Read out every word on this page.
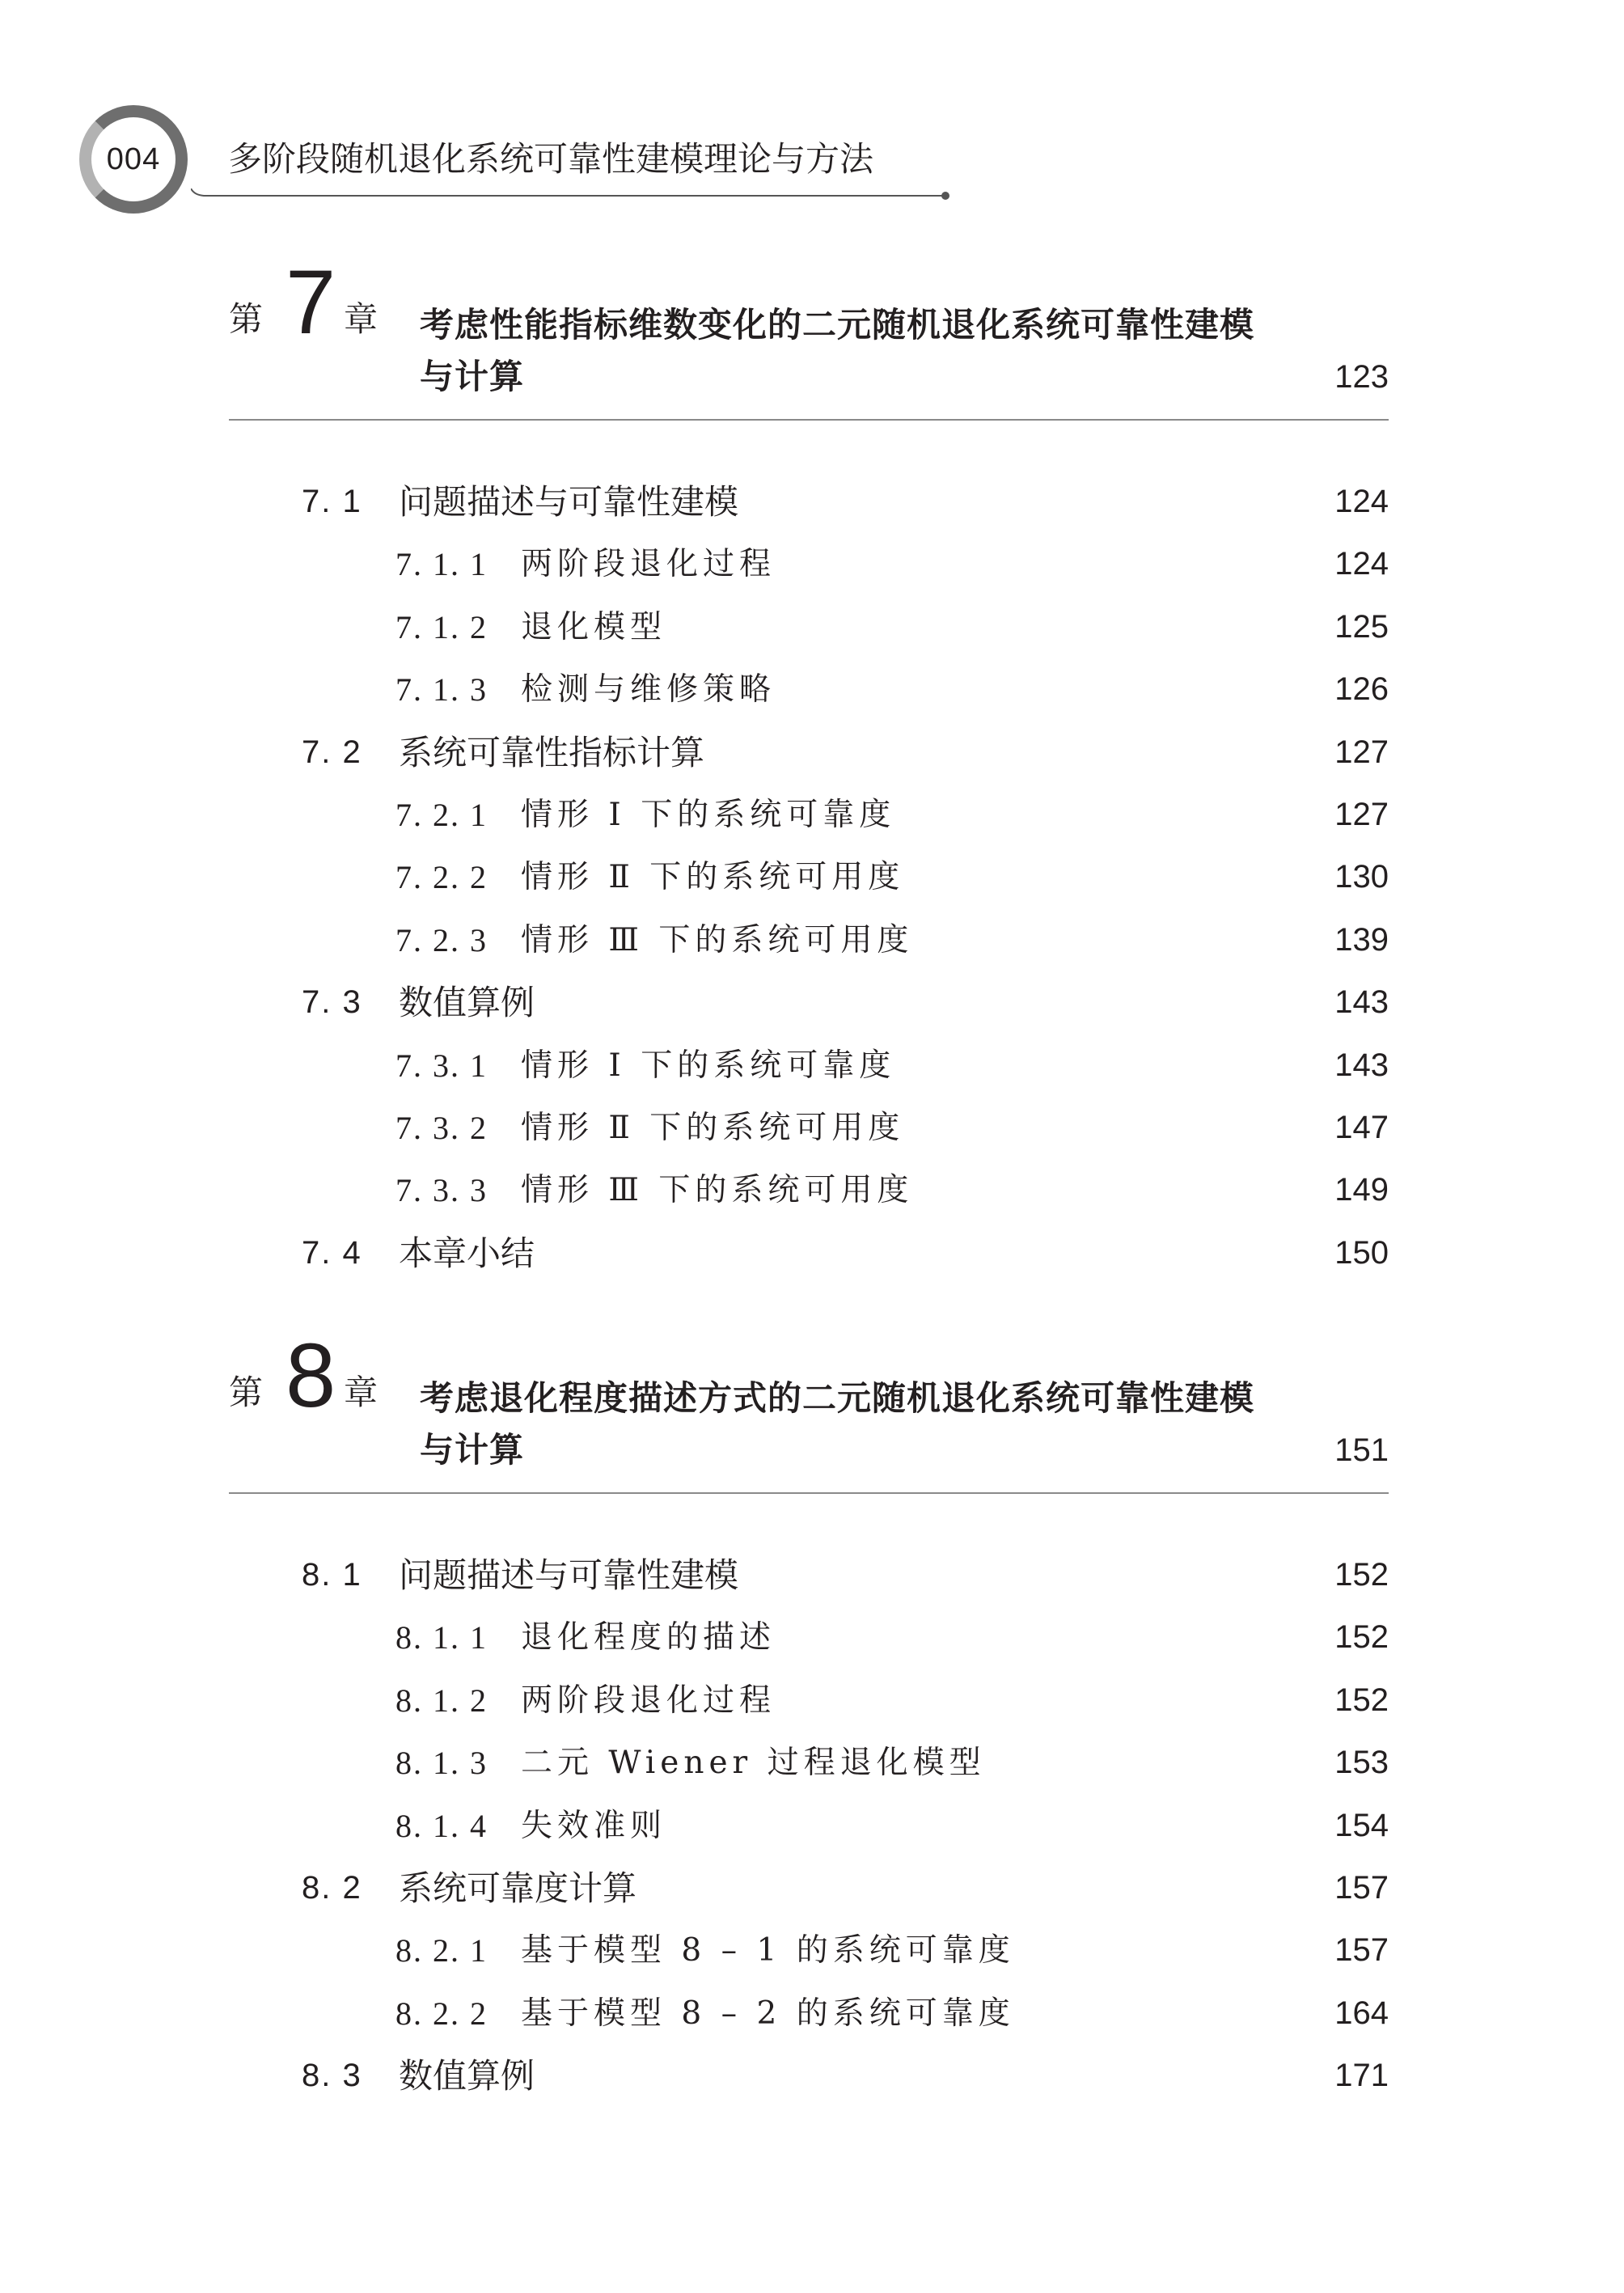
004 多阶段随机退化系统可靠性建模理论与方法
第 7 章 考虑性能指标维数变化的二元随机退化系统可靠性建模
与计算	123
7. 1 问题描述与可靠性建模	124
7. 1. 1 两阶段退化过程	124
7. 1. 2 退化模型	125
7. 1. 3 检测与维修策略	126
7. 2 系统可靠性指标计算	127
7. 2. 1 情形 Ⅰ 下的系统可靠度	127
7. 2. 2 情形 Ⅱ 下的系统可用度	130
7. 2. 3 情形 Ⅲ 下的系统可用度	139
7. 3 数值算例	143
7. 3. 1 情形 Ⅰ 下的系统可靠度	143
7. 3. 2 情形 Ⅱ 下的系统可用度	147
7. 3. 3 情形 Ⅲ 下的系统可用度	149
7. 4 本章小结	150
第 8 章 考虑退化程度描述方式的二元随机退化系统可靠性建模
与计算	151
8. 1 问题描述与可靠性建模	152
8. 1. 1 退化程度的描述	152
8. 1. 2 两阶段退化过程	152
8. 1. 3 二元 Wiener 过程退化模型	153
8. 1. 4 失效准则	154
8. 2 系统可靠度计算	157
8. 2. 1 基于模型 8 – 1 的系统可靠度	157
8. 2. 2 基于模型 8 – 2 的系统可靠度	164
8. 3 数值算例	171
